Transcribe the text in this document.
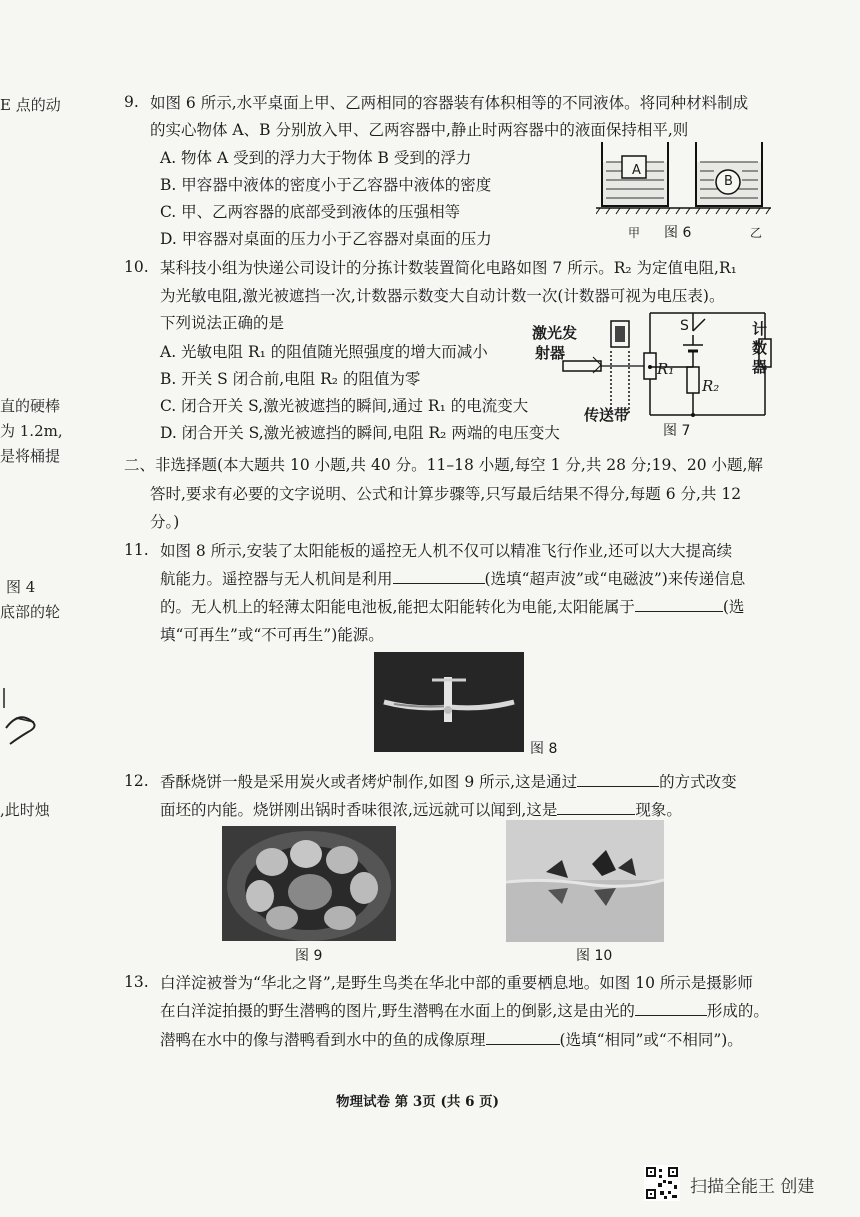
E 点的动
直的硬棒
为 1.2m,
是将桶提
图 4
底部的轮
,此时烛
9. 如图 6 所示,水平桌面上甲、乙两相同的容器装有体积相等的不同液体。将同种材料制成
的实心物体 A、B 分别放入甲、乙两容器中,静止时两容器中的液面保持相平,则
A. 物体 A 受到的浮力大于物体 B 受到的浮力
B. 甲容器中液体的密度小于乙容器中液体的密度
C. 甲、乙两容器的底部受到液体的压强相等
D. 甲容器对桌面的压力小于乙容器对桌面的压力
A
B
甲 图 6	乙
10. 某科技小组为快递公司设计的分拣计数装置简化电路如图 7 所示。R₂ 为定值电阻,R₁
为光敏电阻,激光被遮挡一次,计数器示数变大自动计数一次(计数器可视为电压表)。
下列说法正确的是
A. 光敏电阻 R₁ 的阻值随光照强度的增大而减小
B. 开关 S 闭合前,电阻 R₂ 的阻值为零
C. 闭合开关 S,激光被遮挡的瞬间,通过 R₁ 的电流变大
D. 闭合开关 S,激光被遮挡的瞬间,电阻 R₂ 两端的电压变大
激光发
射器
S	计
数
器
R₁
R₂
传送带
图 7
二、非选择题(本大题共 10 小题,共 40 分。11–18 小题,每空 1 分,共 28 分;19、20 小题,解
答时,要求有必要的文字说明、公式和计算步骤等,只写最后结果不得分,每题 6 分,共 12
分。)
11. 如图 8 所示,安装了太阳能板的遥控无人机不仅可以精准飞行作业,还可以大大提高续
航能力。遥控器与无人机间是利用	(选填“超声波”或“电磁波”)来传递信息
的。无人机上的轻薄太阳能电池板,能把太阳能转化为电能,太阳能属于	(选
填“可再生”或“不可再生”)能源。
图 8
12. 香酥烧饼一般是采用炭火或者烤炉制作,如图 9 所示,这是通过	的方式改变
面坯的内能。烧饼刚出锅时香味很浓,远远就可以闻到,这是	现象。
图 9	图 10
13. 白洋淀被誉为“华北之肾”,是野生鸟类在华北中部的重要栖息地。如图 10 所示是摄影师
在白洋淀拍摄的野生潜鸭的图片,野生潜鸭在水面上的倒影,这是由光的	形成的。
潜鸭在水中的像与潜鸭看到水中的鱼的成像原理	(选填“相同”或“不相同”)。
物理试卷 第 3页 (共 6 页)
扫描全能王 创建
